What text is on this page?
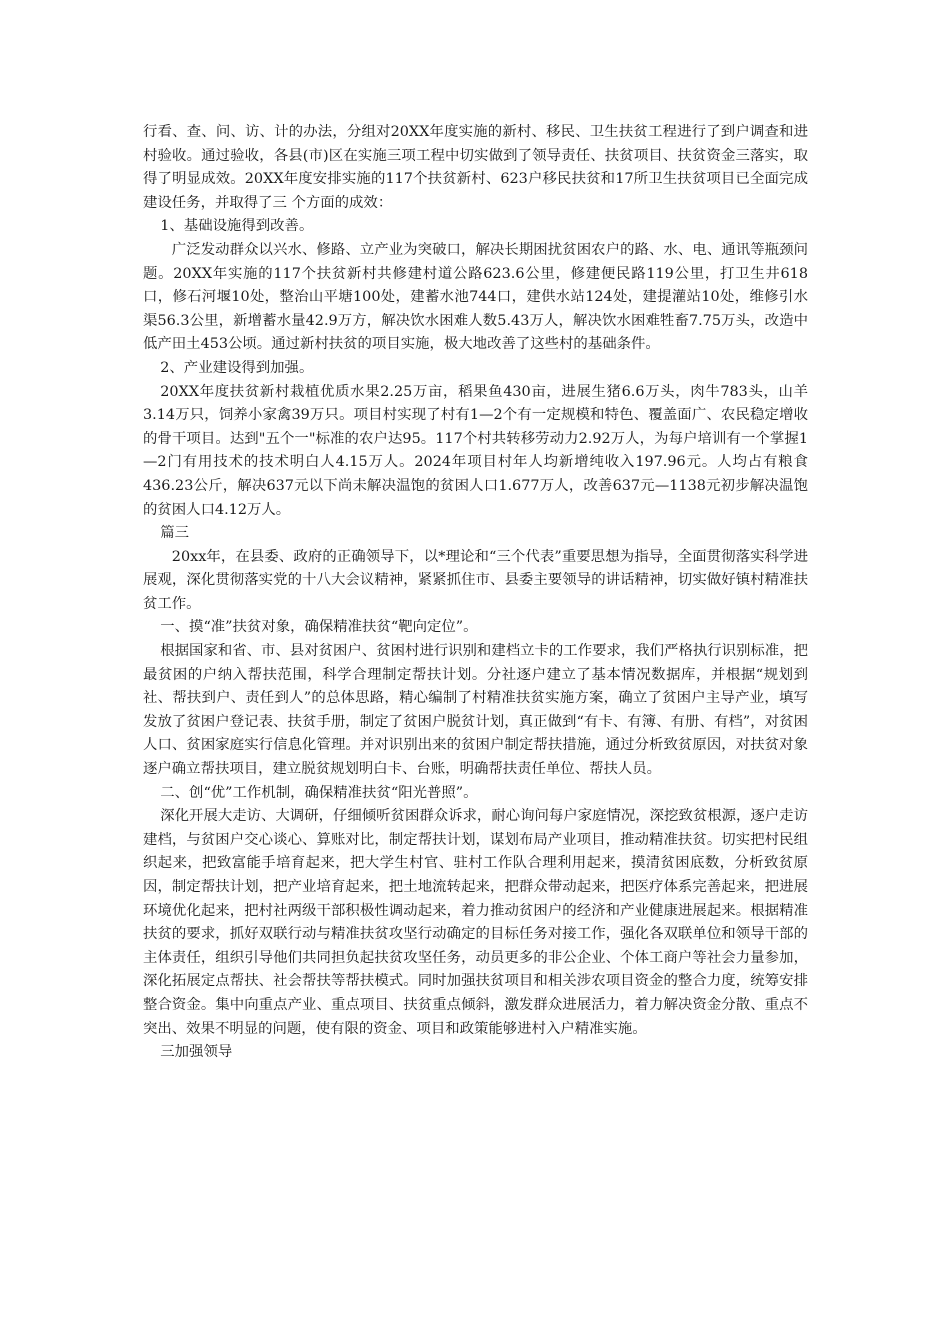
行看、查、问、访、计的办法，分组对20XX年度实施的新村、移民、卫生扶贫工程进行了到户调查和进村验收。通过验收，各县(市)区在实施三项工程中切实做到了领导责任、扶贫项目、扶贫资金三落实，取得了明显成效。20XX年度安排实施的117个扶贫新村、623户移民扶贫和17所卫生扶贫项目已全面完成建设任务，并取得了三 个方面的成效：

1、基础设施得到改善。

广泛发动群众以兴水、修路、立产业为突破口，解决长期困扰贫困农户的路、水、电、通讯等瓶颈问题。20XX年实施的117个扶贫新村共修建村道公路623.6公里，修建便民路119公里，打卫生井618口，修石河堰10处，整治山平塘100处，建蓄水池744口，建供水站124处，建提灌站10处，维修引水渠56.3公里，新增蓄水量42.9万方，解决饮水困难人数5.43万人，解决饮水困难牲畜7.75万头，改造中低产田土453公顷。通过新村扶贫的项目实施，极大地改善了这些村的基础条件。

2、产业建设得到加强。

20XX年度扶贫新村栽植优质水果2.25万亩，稻果鱼430亩，进展生猪6.6万头，肉牛783头，山羊3.14万只，饲养小家禽39万只。项目村实现了村有1—2个有一定规模和特色、覆盖面广、农民稳定增收的骨干项目。达到"五个一"标准的农户达95。117个村共转移劳动力2.92万人，为每户培训有一个掌握1—2门有用技术的技术明白人4.15万人。2024年项目村年人均新增纯收入197.96元。人均占有粮食436.23公斤，解决637元以下尚未解决温饱的贫困人口1.677万人，改善637元—1138元初步解决温饱的贫困人口4.12万人。

篇三

20xx年，在县委、政府的正确领导下，以*理论和“三个代表”重要思想为指导，全面贯彻落实科学进展观，深化贯彻落实党的十八大会议精神，紧紧抓住市、县委主要领导的讲话精神，切实做好镇村精准扶贫工作。

一、摸“准”扶贫对象，确保精准扶贫“靶向定位”。

根据国家和省、市、县对贫困户、贫困村进行识别和建档立卡的工作要求，我们严格执行识别标准，把最贫困的户纳入帮扶范围，科学合理制定帮扶计划。分社逐户建立了基本情况数据库，并根据“规划到社、帮扶到户、责任到人”的总体思路，精心编制了村精准扶贫实施方案，确立了贫困户主导产业，填写发放了贫困户登记表、扶贫手册，制定了贫困户脱贫计划，真正做到“有卡、有簿、有册、有档”，对贫困人口、贫困家庭实行信息化管理。并对识别出来的贫困户制定帮扶措施，通过分析致贫原因，对扶贫对象逐户确立帮扶项目，建立脱贫规划明白卡、台账，明确帮扶责任单位、帮扶人员。

二、创“优”工作机制，确保精准扶贫“阳光普照”。

深化开展大走访、大调研，仔细倾听贫困群众诉求，耐心询问每户家庭情况，深挖致贫根源，逐户走访建档，与贫困户交心谈心、算账对比，制定帮扶计划，谋划布局产业项目，推动精准扶贫。切实把村民组织起来，把致富能手培育起来，把大学生村官、驻村工作队合理利用起来，摸清贫困底数，分析致贫原因，制定帮扶计划，把产业培育起来，把土地流转起来，把群众带动起来，把医疗体系完善起来，把进展环境优化起来，把村社两级干部积极性调动起来，着力推动贫困户的经济和产业健康进展起来。根据精准扶贫的要求，抓好双联行动与精准扶贫攻坚行动确定的目标任务对接工作，强化各双联单位和领导干部的主体责任，组织引导他们共同担负起扶贫攻坚任务，动员更多的非公企业、个体工商户等社会力量参加，深化拓展定点帮扶、社会帮扶等帮扶模式。同时加强扶贫项目和相关涉农项目资金的整合力度，统筹安排整合资金。集中向重点产业、重点项目、扶贫重点倾斜，激发群众进展活力，着力解决资金分散、重点不突出、效果不明显的问题，使有限的资金、项目和政策能够进村入户精准实施。

三加强领导
